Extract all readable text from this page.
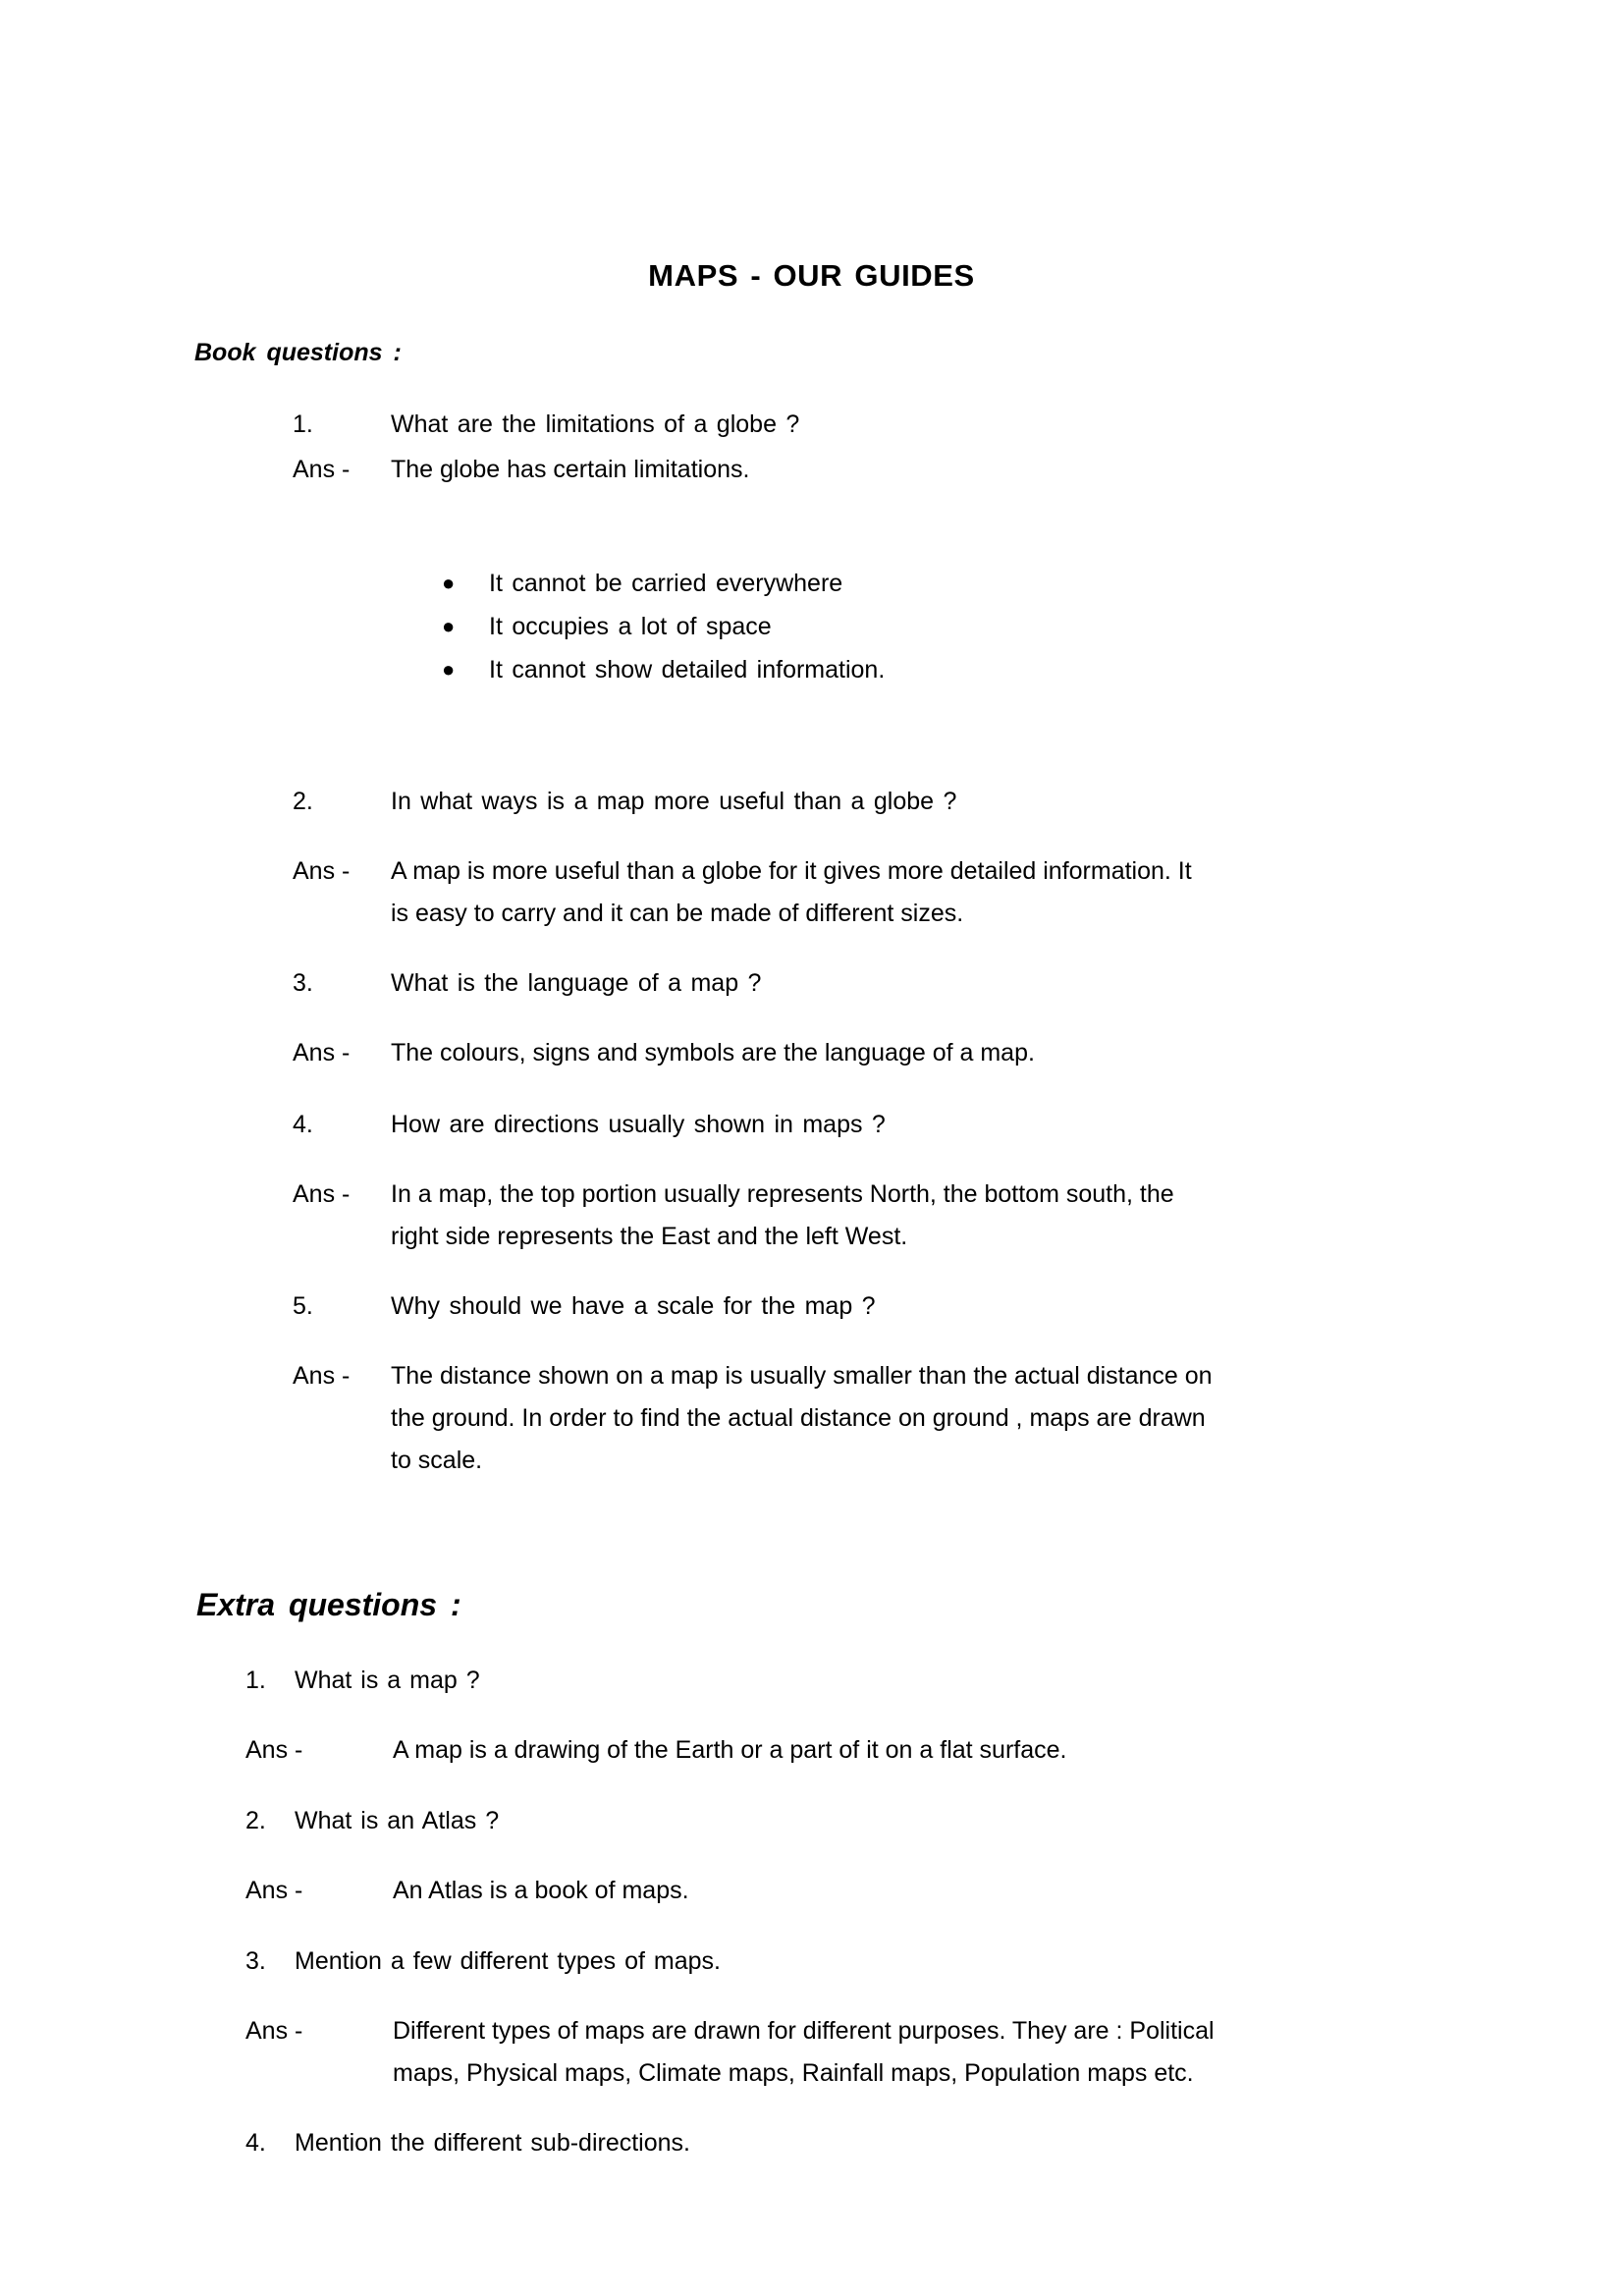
MAPS - OUR GUIDES
Book questions :
1.	What are the limitations of a globe ?
Ans -	The globe has certain limitations.

● It cannot be carried everywhere
● It occupies a lot of space
● It cannot show detailed information.
2.	In what ways is a map more useful than a globe ?
Ans -	A map is more useful than a globe for it gives more detailed information. It

is easy to carry and it can be made of different sizes.

3.	What is the language of a map ?
Ans -	The colours, signs and symbols are the language of a map.

4.	How are directions usually shown in maps ?
Ans -	In a map, the top portion usually represents North, the bottom south, the

right side represents the East and the left West.

5.	Why should we have a scale for the map ?
Ans -	The distance shown on a map is usually smaller than the actual distance on

the ground. In order to find the actual distance on ground , maps are drawn

to scale.

Extra questions :
1.	What is a map ?
Ans -	A map is a drawing of the Earth or a part of it on a flat surface.

2.	What is an Atlas ?
Ans -	An Atlas is a book of maps.

3.	Mention a few different types of maps.
Ans -	Different types of maps are drawn for different purposes. They are : Political

maps, Physical maps, Climate maps, Rainfall maps, Population maps etc.

4.	Mention the different sub-directions.
